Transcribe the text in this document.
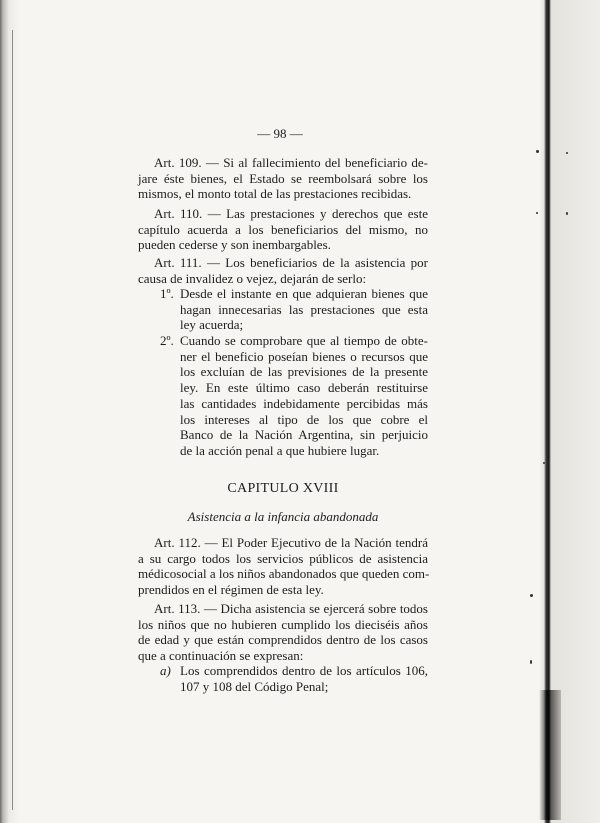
— 98 —
Art. 109. — Si al fallecimiento del beneficiario de-
jare éste bienes, el Estado se reembolsará sobre los
mismos, el monto total de las prestaciones recibidas.
Art. 110. — Las prestaciones y derechos que este
capítulo acuerda a los beneficiarios del mismo, no
pueden cederse y son inembargables.
Art. 111. — Los beneficiarios de la asistencia por
causa de invalidez o vejez, dejarán de serlo:
1º. Desde el instante en que adquieran bienes que
hagan innecesarias las prestaciones que esta
ley acuerda;
2º. Cuando se comprobare que al tiempo de obte-
ner el beneficio poseían bienes o recursos que
los excluían de las previsiones de la presente
ley. En este último caso deberán restituirse
las cantidades indebidamente percibidas más
los intereses al tipo de los que cobre el
Banco de la Nación Argentina, sin perjuicio
de la acción penal a que hubiere lugar.
CAPITULO XVIII
Asistencia a la infancia abandonada
Art. 112. — El Poder Ejecutivo de la Nación tendrá
a su cargo todos los servicios públicos de asistencia
médicosocial a los niños abandonados que queden com-
prendidos en el régimen de esta ley.
Art. 113. — Dicha asistencia se ejercerá sobre todos
los niños que no hubieren cumplido los dieciséis años
de edad y que están comprendidos dentro de los casos
que a continuación se expresan:
a) Los comprendidos dentro de los artículos 106,
107 y 108 del Código Penal;
